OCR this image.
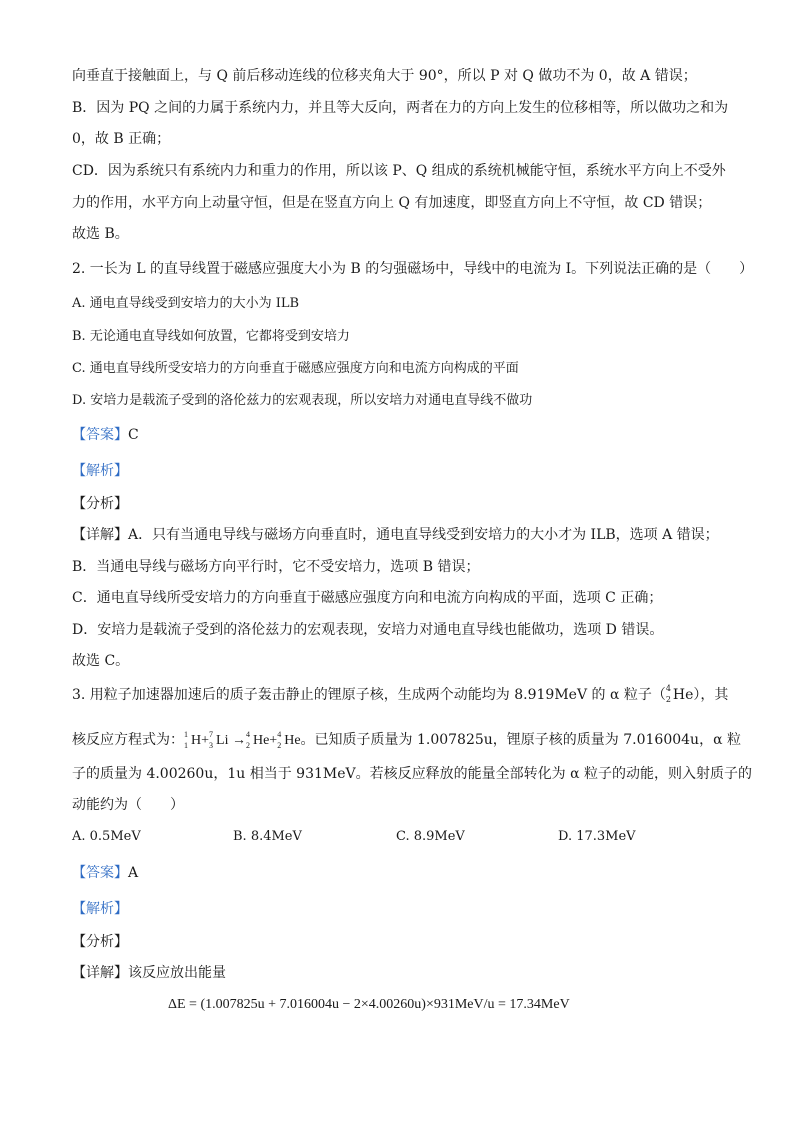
向垂直于接触面上，与 Q 前后移动连线的位移夹角大于 90°，所以 P 对 Q 做功不为 0，故 A 错误；
B．因为 PQ 之间的力属于系统内力，并且等大反向，两者在力的方向上发生的位移相等，所以做功之和为
0，故 B 正确；
CD．因为系统只有系统内力和重力的作用，所以该 P、Q 组成的系统机械能守恒，系统水平方向上不受外
力的作用，水平方向上动量守恒，但是在竖直方向上 Q 有加速度，即竖直方向上不守恒，故 CD 错误；
故选 B。
2. 一长为 L 的直导线置于磁感应强度大小为 B 的匀强磁场中，导线中的电流为 I。下列说法正确的是（　　）
A. 通电直导线受到安培力的大小为 ILB
B. 无论通电直导线如何放置，它都将受到安培力
C. 通电直导线所受安培力的方向垂直于磁感应强度方向和电流方向构成的平面
D. 安培力是载流子受到的洛伦兹力的宏观表现，所以安培力对通电直导线不做功
【答案】C
【解析】
【分析】
【详解】A．只有当通电导线与磁场方向垂直时，通电直导线受到安培力的大小才为 ILB，选项 A 错误；
B．当通电导线与磁场方向平行时，它不受安培力，选项 B 错误；
C．通电直导线所受安培力的方向垂直于磁感应强度方向和电流方向构成的平面，选项 C 正确；
D．安培力是载流子受到的洛伦兹力的宏观表现，安培力对通电直导线也能做功，选项 D 错误。
故选 C。
3. 用粒子加速器加速后的质子轰击静止的锂原子核，生成两个动能均为 8.919MeV 的 α 粒子（ 4
2 He），其
核反应方程式为： 1
1 H+ 7
3 Li → 4
2 He+ 4
2 He。已知质子质量为 1.007825u，锂原子核的质量为 7.016004u，α 粒
子的质量为 4.00260u，1u 相当于 931MeV。若核反应释放的能量全部转化为 α 粒子的动能，则入射质子的
动能约为（　　）
A. 0.5MeV	B. 8.4MeV	C. 8.9MeV	D. 17.3MeV
【答案】A
【解析】
【分析】
【详解】该反应放出能量
ΔE = (1.007825u + 7.016004u − 2×4.00260u)×931MeV/u = 17.34MeV
